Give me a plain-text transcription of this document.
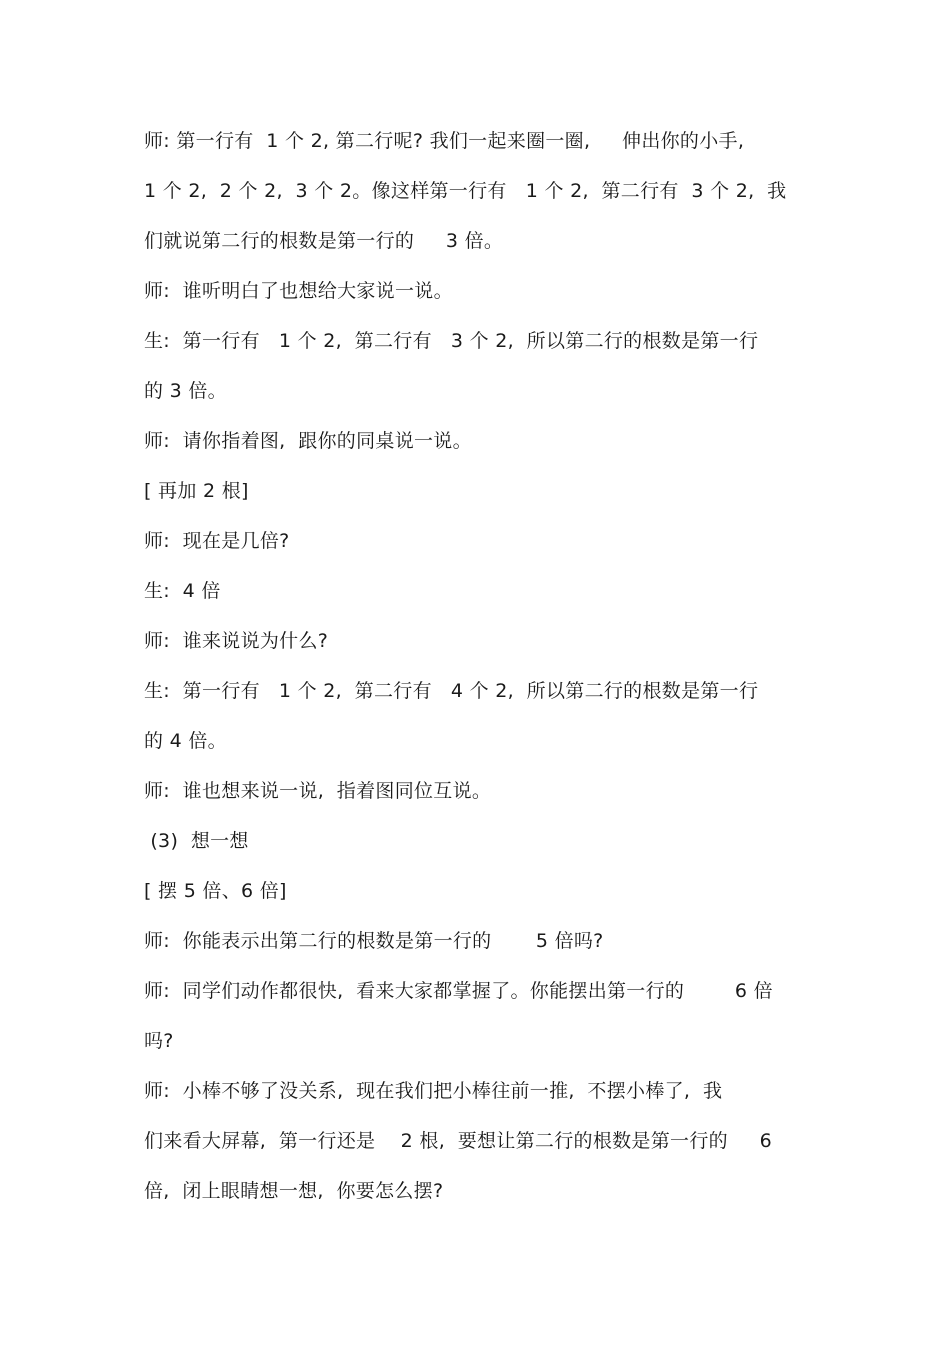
师: 第一行有  1 个 2, 第二行呢? 我们一起来圈一圈,     伸出你的小手,
1 个 2,  2 个 2,  3 个 2。像这样第一行有   1 个 2,  第二行有  3 个 2,  我
们就说第二行的根数是第一行的     3 倍。
师:  谁听明白了也想给大家说一说。
生:  第一行有   1 个 2,  第二行有   3 个 2,  所以第二行的根数是第一行
的 3 倍。
师:  请你指着图,  跟你的同桌说一说。
[ 再加 2 根]
师:  现在是几倍?
生:  4 倍
师:  谁来说说为什么?
生:  第一行有   1 个 2,  第二行有   4 个 2,  所以第二行的根数是第一行
的 4 倍。
师:  谁也想来说一说,  指着图同位互说。
(3)  想一想
[ 摆 5 倍、6 倍]
师:  你能表示出第二行的根数是第一行的       5 倍吗?
师:  同学们动作都很快,  看来大家都掌握了。你能摆出第一行的        6 倍
吗?
师:  小棒不够了没关系,  现在我们把小棒往前一推,  不摆小棒了,  我
们来看大屏幕,  第一行还是    2 根,  要想让第二行的根数是第一行的     6
倍,  闭上眼睛想一想,  你要怎么摆?
